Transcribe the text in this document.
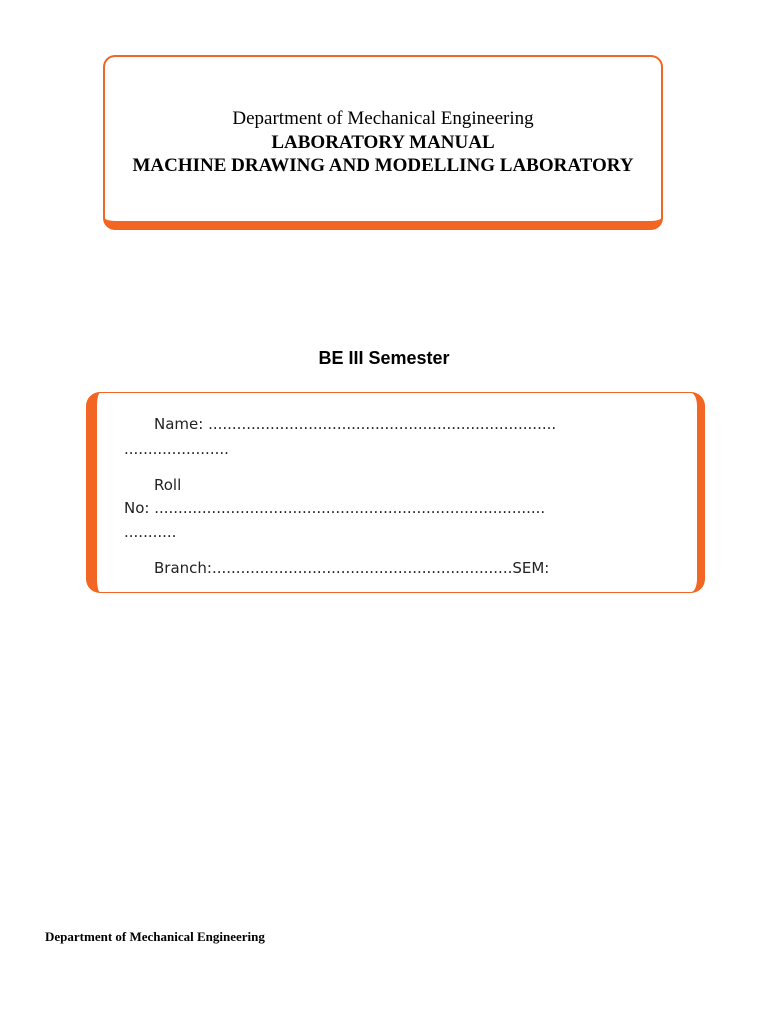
Department of Mechanical Engineering
LABORATORY MANUAL
MACHINE DRAWING AND MODELLING LABORATORY
BE III Semester
Name: .........................................................................
......................
Roll
No: ..................................................................................
...........
Branch:...............................................................SEM:
Department of Mechanical Engineering
